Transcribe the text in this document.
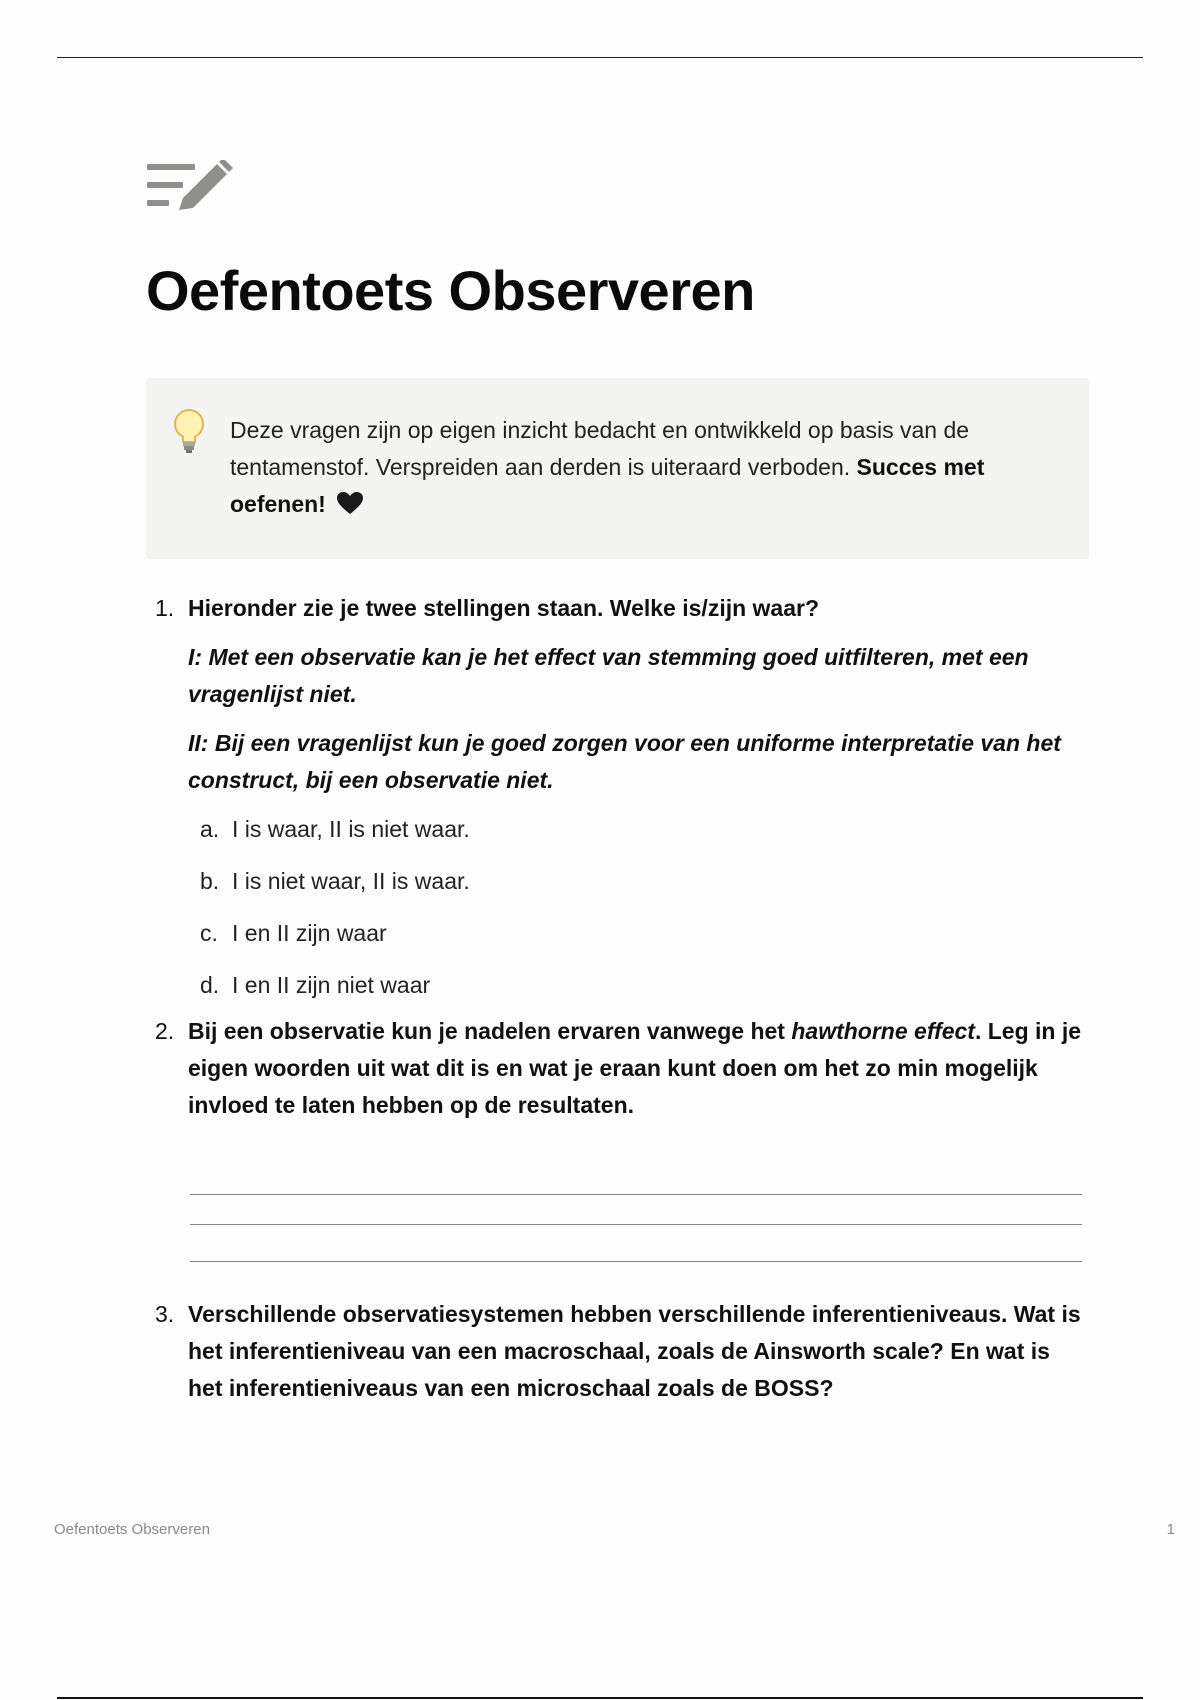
Oefentoets Observeren
Deze vragen zijn op eigen inzicht bedacht en ontwikkeld op basis van de tentamenstof. Verspreiden aan derden is uiteraard verboden. Succes met oefenen!
1. Hieronder zie je twee stellingen staan. Welke is/zijn waar?

I: Met een observatie kan je het effect van stemming goed uitfilteren, met een vragenlijst niet.

II: Bij een vragenlijst kun je goed zorgen voor een uniforme interpretatie van het construct, bij een observatie niet.

a. I is waar, II is niet waar.
b. I is niet waar, II is waar.
c. I en II zijn waar
d. I en II zijn niet waar
2. Bij een observatie kun je nadelen ervaren vanwege het hawthorne effect. Leg in je eigen woorden uit wat dit is en wat je eraan kunt doen om het zo min mogelijk invloed te laten hebben op de resultaten.

3. Verschillende observatiesystemen hebben verschillende inferentieniveaus. Wat is het inferentieniveau van een macroschaal, zoals de Ainsworth scale? En wat is het inferentieniveaus van een microschaal zoals de BOSS?

Oefentoets Observeren	1
